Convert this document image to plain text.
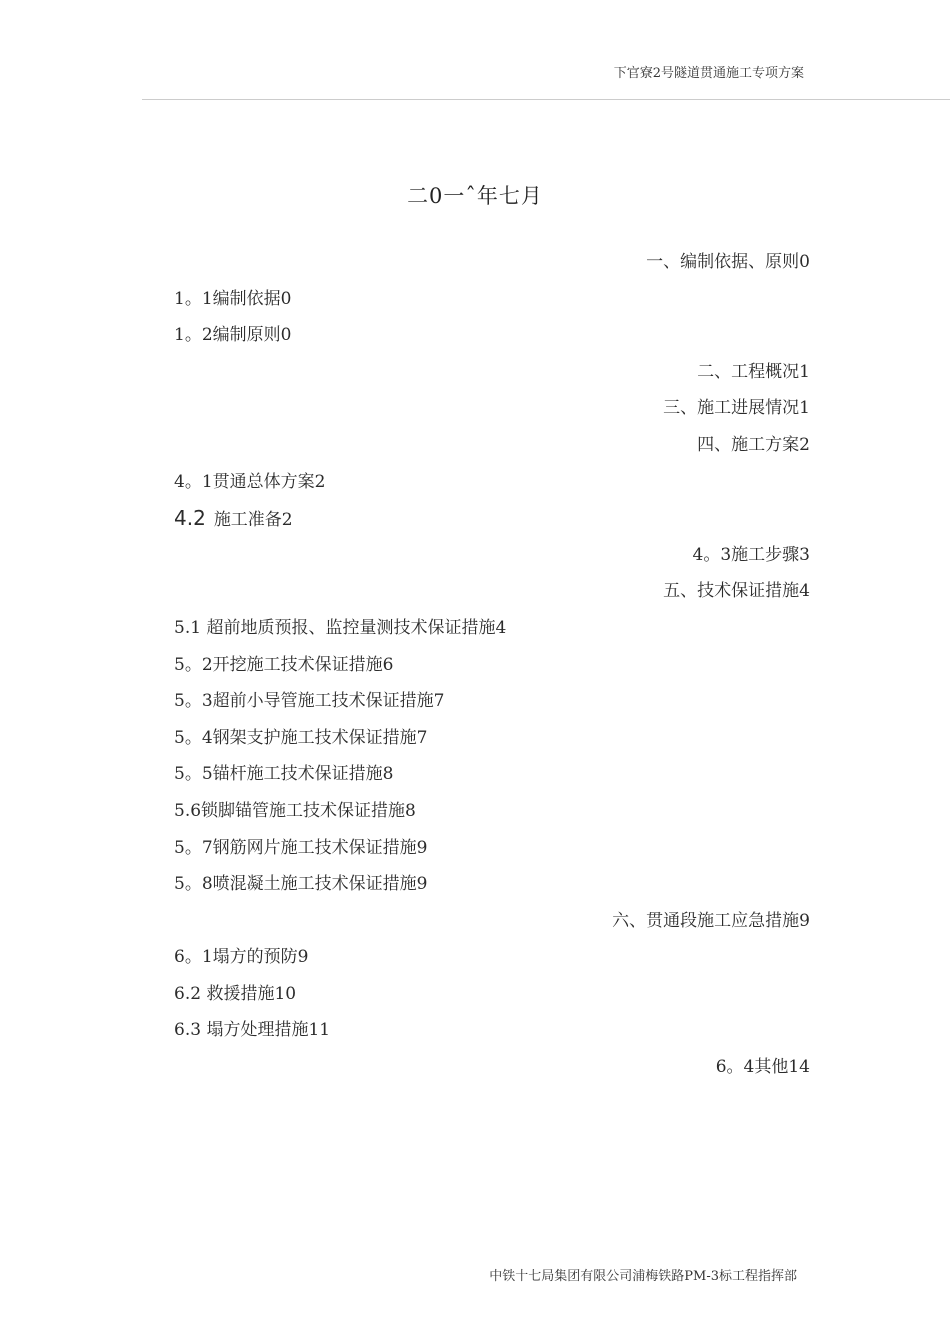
下官寮2号隧道贯通施工专项方案
二0一ˆ年七月
一、编制依据、原则0
1。1编制依据0
1。2编制原则0
二、工程概况1
三、施工进展情况1
四、施工方案2
4。1贯通总体方案2
4.2 施工准备2
4。3施工步骤3
五、技术保证措施4
5.1 超前地质预报、监控量测技术保证措施4
5。2开挖施工技术保证措施6
5。3超前小导管施工技术保证措施7
5。4钢架支护施工技术保证措施7
5。5锚杆施工技术保证措施8
5.6锁脚锚管施工技术保证措施8
5。7钢筋网片施工技术保证措施9
5。8喷混凝土施工技术保证措施9
六、贯通段施工应急措施9
6。1塌方的预防9
6.2 救援措施10
6.3 塌方处理措施11
6。4其他14
中铁十七局集团有限公司浦梅铁路PM-3标工程指挥部
